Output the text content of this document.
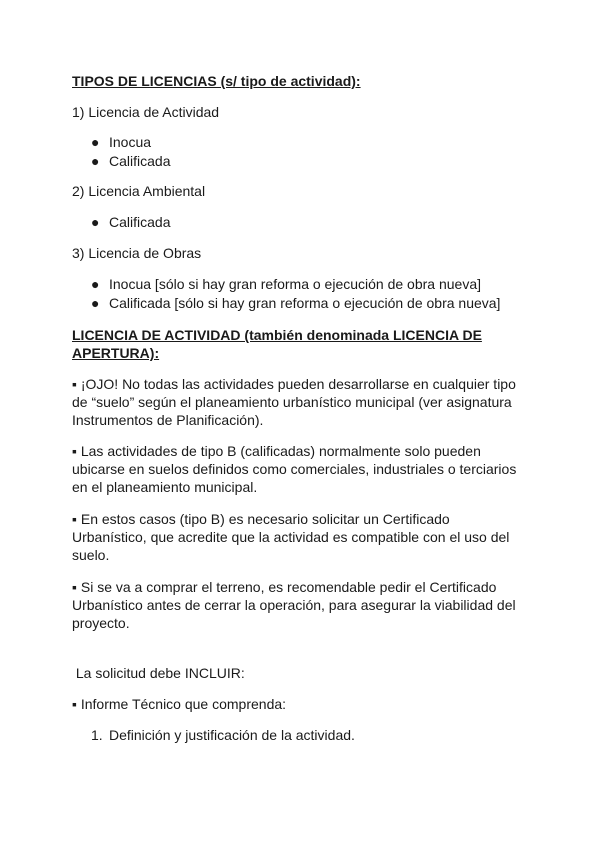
TIPOS DE LICENCIAS (s/ tipo de actividad):
1) Licencia de Actividad
● Inocua
● Calificada
2) Licencia Ambiental
● Calificada
3) Licencia de Obras
● Inocua [sólo si hay gran reforma o ejecución de obra nueva]
● Calificada [sólo si hay gran reforma o ejecución de obra nueva]
LICENCIA DE ACTIVIDAD (también denominada LICENCIA DE
APERTURA):
▪ ¡OJO! No todas las actividades pueden desarrollarse en cualquier tipo
de “suelo” según el planeamiento urbanístico municipal (ver asignatura
Instrumentos de Planificación).
▪ Las actividades de tipo B (calificadas) normalmente solo pueden
ubicarse en suelos definidos como comerciales, industriales o terciarios
en el planeamiento municipal.
▪ En estos casos (tipo B) es necesario solicitar un Certificado
Urbanístico, que acredite que la actividad es compatible con el uso del
suelo.
▪ Si se va a comprar el terreno, es recomendable pedir el Certificado
Urbanístico antes de cerrar la operación, para asegurar la viabilidad del
proyecto.
La solicitud debe INCLUIR:
▪ Informe Técnico que comprenda:
1. Definición y justificación de la actividad.
